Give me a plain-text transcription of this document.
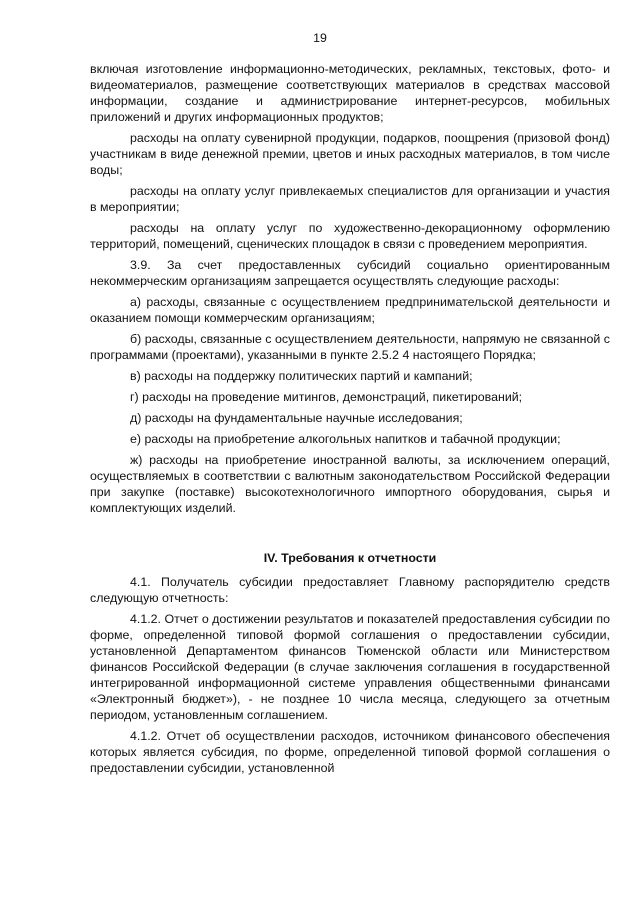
19

включая изготовление информационно-методических, рекламных, текстовых, фото- и видеоматериалов, размещение соответствующих материалов в средствах массовой информации, создание и администрирование интернет-ресурсов, мобильных приложений и других информационных продуктов;

расходы на оплату сувенирной продукции, подарков, поощрения (призовой фонд) участникам в виде денежной премии, цветов и иных расходных материалов, в том числе воды;

расходы на оплату услуг привлекаемых специалистов для организации и участия в мероприятии;

расходы на оплату услуг по художественно-декорационному оформлению территорий, помещений, сценических площадок в связи с проведением мероприятия.

3.9. За счет предоставленных субсидий социально ориентированным некоммерческим организациям запрещается осуществлять следующие расходы:

а) расходы, связанные с осуществлением предпринимательской деятельности и оказанием помощи коммерческим организациям;

б) расходы, связанные с осуществлением деятельности, напрямую не связанной с программами (проектами), указанными в пункте 2.5.2 4 настоящего Порядка;

в) расходы на поддержку политических партий и кампаний;

г) расходы на проведение митингов, демонстраций, пикетирований;

д) расходы на фундаментальные научные исследования;

е) расходы на приобретение алкогольных напитков и табачной продукции;

ж) расходы на приобретение иностранной валюты, за исключением операций, осуществляемых в соответствии с валютным законодательством Российской Федерации при закупке (поставке) высокотехнологичного импортного оборудования, сырья и комплектующих изделий.

IV. Требования к отчетности

4.1. Получатель субсидии предоставляет Главному распорядителю средств следующую отчетность:

4.1.2. Отчет о достижении результатов и показателей предоставления субсидии по форме, определенной типовой формой соглашения о предоставлении субсидии, установленной Департаментом финансов Тюменской области или Министерством финансов Российской Федерации (в случае заключения соглашения в государственной интегрированной информационной системе управления общественными финансами «Электронный бюджет»), - не позднее 10 числа месяца, следующего за отчетным периодом, установленным соглашением.

4.1.2. Отчет об осуществлении расходов, источником финансового обеспечения которых является субсидия, по форме, определенной типовой формой соглашения о предоставлении субсидии, установленной
